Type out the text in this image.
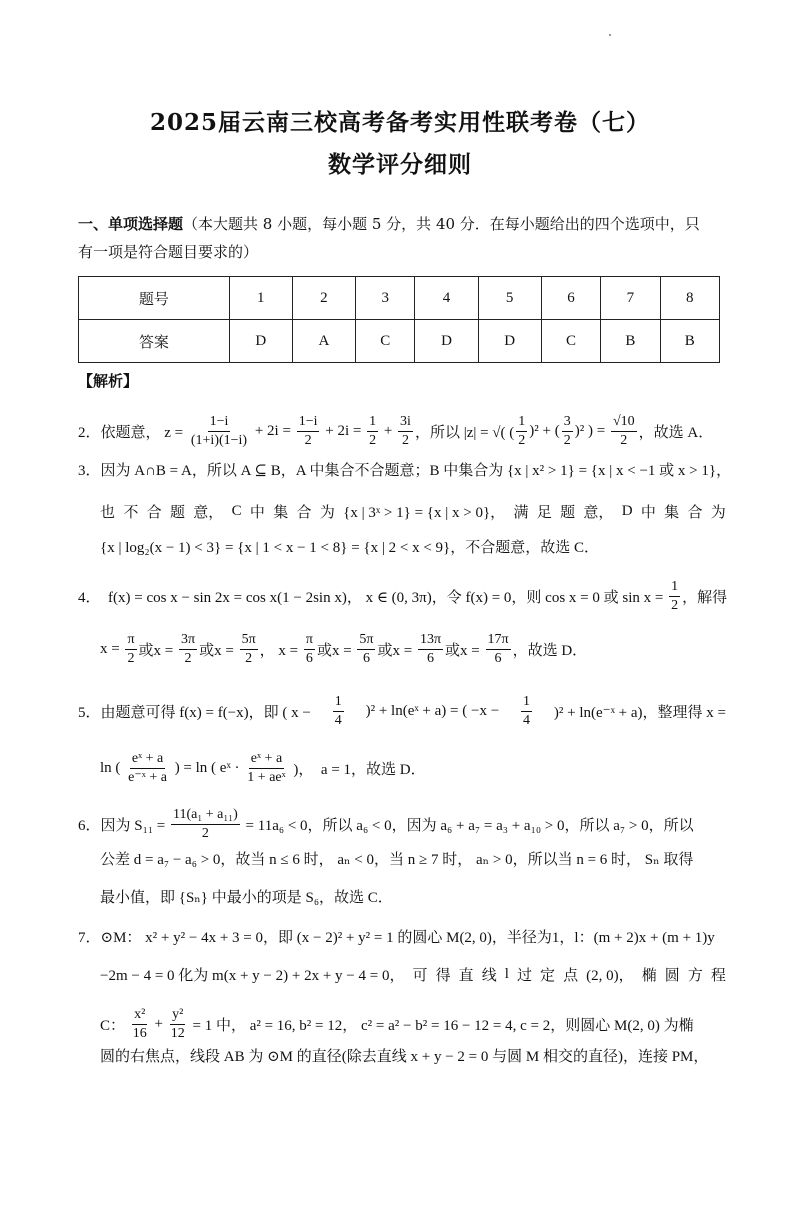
2025届云南三校高考备考实用性联考卷（七）
数学评分细则
一、单项选择题（本大题共 8 小题，每小题 5 分，共 40 分．在每小题给出的四个选项中，只
有一项是符合题目要求的）
题号	1	2	3	4	5	6	7	8
答案	D	A	C	D	D	C	B	B
【解析】
2．依题意， $z = \frac{1-i}{(1+i)(1-i)} + 2i = \frac{1-i}{2} + 2i = \frac{1}{2} + \frac{3i}{2}$ ，所以 |z| = √( ( $\frac{1}{2} )^2$ + ( $\frac{3}{2} )^2$ ) = $\frac{√10}{2}$ ，故选 A．
3．因为 A∩B = A，所以 A ⊆ B，A 中集合不合题意；B 中集合为 {x | x² > 1} = {x | x < −1 或 x > 1}，
也 不 合 题 意， C 中 集 合 为 {x | 3ˣ > 1} = {x | x > 0}， 满 足 题 意， D 中 集 合 为
{x | log₂(x − 1) < 3} = {x | 1 < x − 1 < 8} = {x | 2 < x < 9}，不合题意，故选 C．
4．  f(x) = cos x − sin 2x = cos x(1 − 2sin x)， x ∈ (0, 3π)，令 f(x) = 0，则 cos x = 0 或 $\sin x = \frac{1}{2}$ ，解得
$x = \frac{\pi}{2}$ 或$x = \frac{3\pi}{2}$ 或$x = \frac{5\pi}{2}$ ， $x = \frac{\pi}{6}$ 或$x = \frac{5\pi}{6}$ 或$x = \frac{13\pi}{6}$ 或$x = \frac{17\pi}{6}$ ，故选 D．
5．由题意可得 f(x) = f(−x)，即 ( $x - \frac{1}{4} )^2$ + ln(eˣ + a) = ( $-x - \frac{1}{4} )^2$ + ln(e⁻ˣ + a)，整理得 x =
ln ( $\frac{\text{eˣ + a}}{\text{e⁻ˣ + a}}$ ) = ln ( eˣ · $\frac{\text{eˣ + a}}{\text{1 + aeˣ}}$ )，  a = 1，故选 D．
6．因为 $S_{11} = \frac{\text{11(a₁ + a₁₁)}}{2} = 11a_6 < 0$，所以 a₆ < 0，因为 a₆ + a₇ = a₃ + a₁₀ > 0，所以 a₇ > 0，所以
公差 d = a₇ − a₆ > 0，故当 n ≤ 6 时， aₙ < 0，当 n ≥ 7 时， aₙ > 0，所以当 n = 6 时， Sₙ 取得
最小值，即 {Sₙ} 中最小的项是 S₆，故选 C．
7．⊙M： x² + y² − 4x + 3 = 0，即 (x − 2)² + y² = 1 的圆心 M(2, 0)，半径为1，l：(m + 2)x + (m + 1)y
−2m − 4 = 0 化为 m(x + y − 2) + 2x + y − 4 = 0， 可 得 直 线 l 过 定 点 (2, 0)， 椭 圆 方 程
C： $\frac{\text{x²}}{16} + \frac{\text{y²}}{12} = 1$ 中， a² = 16, b² = 12， c² = a² − b² = 16 − 12 = 4, c = 2，则圆心 M(2, 0) 为椭
圆的右焦点，线段 AB 为 ⊙M 的直径(除去直线 x + y − 2 = 0 与圆 M 相交的直径)，连接 PM，
